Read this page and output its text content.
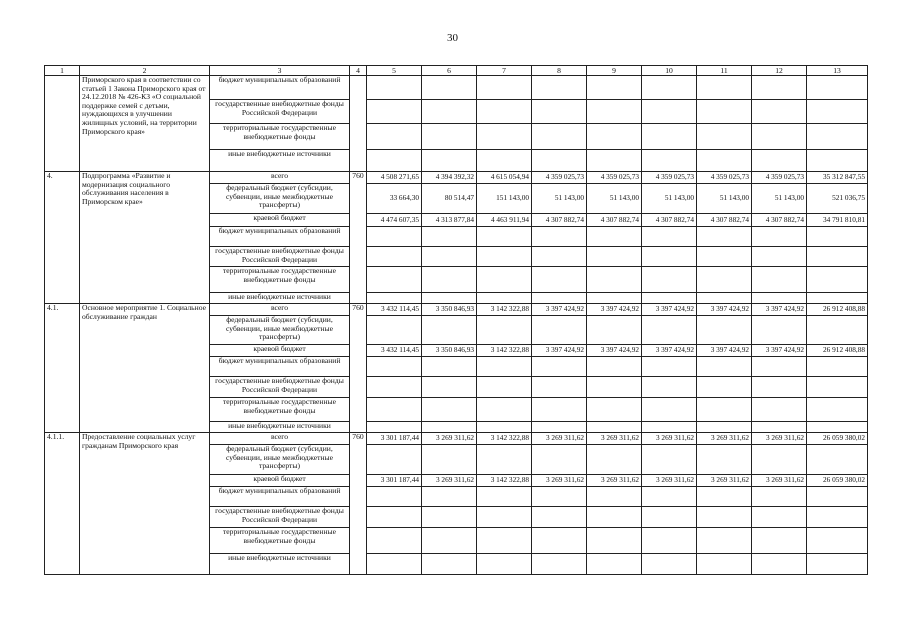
30
1	2	3	4	5	6	7	8	9	10	11	12	13
	Приморского края в соответствии со статьей 1 Закона Приморского края от 24.12.2018 № 426-КЗ «О социальной поддержке семей с детьми, нуждающихся в улучшении жилищных условий, на территории Приморского края»	бюджет муниципальных образований										
		государственные внебюджетные фонды Российской Федерации										
		территориальные государственные внебюджетные фонды										
		иные внебюджетные источники										
4.	Подпрограмма «Развитие и модернизация социального обслуживания населения в Приморском крае»	всего	760	4 508 271,65	4 394 392,32	4 615 054,94	4 359 025,73	4 359 025,73	4 359 025,73	4 359 025,73	4 359 025,73	35 312 847,55
		федеральный бюджет (субсидии, субвенции, иные межбюджетные трансферты)		33 664,30	80 514,47	151 143,00	51 143,00	51 143,00	51 143,00	51 143,00	51 143,00	521 036,75
		краевой бюджет		4 474 607,35	4 313 877,84	4 463 911,94	4 307 882,74	4 307 882,74	4 307 882,74	4 307 882,74	4 307 882,74	34 791 810,81
		бюджет муниципальных образований										
		государственные внебюджетные фонды Российской Федерации										
		территориальные государственные внебюджетные фонды										
		иные внебюджетные источники										
4.1.	Основное мероприятие 1. Социальное обслуживание граждан	всего	760	3 432 114,45	3 350 846,93	3 142 322,88	3 397 424,92	3 397 424,92	3 397 424,92	3 397 424,92	3 397 424,92	26 912 408,88
		федеральный бюджет (субсидии, субвенции, иные межбюджетные трансферты)										
		краевой бюджет		3 432 114,45	3 350 846,93	3 142 322,88	3 397 424,92	3 397 424,92	3 397 424,92	3 397 424,92	3 397 424,92	26 912 408,88
		бюджет муниципальных образований										
		государственные внебюджетные фонды Российской Федерации										
		территориальные государственные внебюджетные фонды										
		иные внебюджетные источники										
4.1.1.	Предоставление социальных услуг гражданам Приморского края	всего	760	3 301 187,44	3 269 311,62	3 142 322,88	3 269 311,62	3 269 311,62	3 269 311,62	3 269 311,62	3 269 311,62	26 059 380,02
		федеральный бюджет (субсидии, субвенции, иные межбюджетные трансферты)										
		краевой бюджет		3 301 187,44	3 269 311,62	3 142 322,88	3 269 311,62	3 269 311,62	3 269 311,62	3 269 311,62	3 269 311,62	26 059 380,02
		бюджет муниципальных образований										
		государственные внебюджетные фонды Российской Федерации										
		территориальные государственные внебюджетные фонды										
		иные внебюджетные источники										
